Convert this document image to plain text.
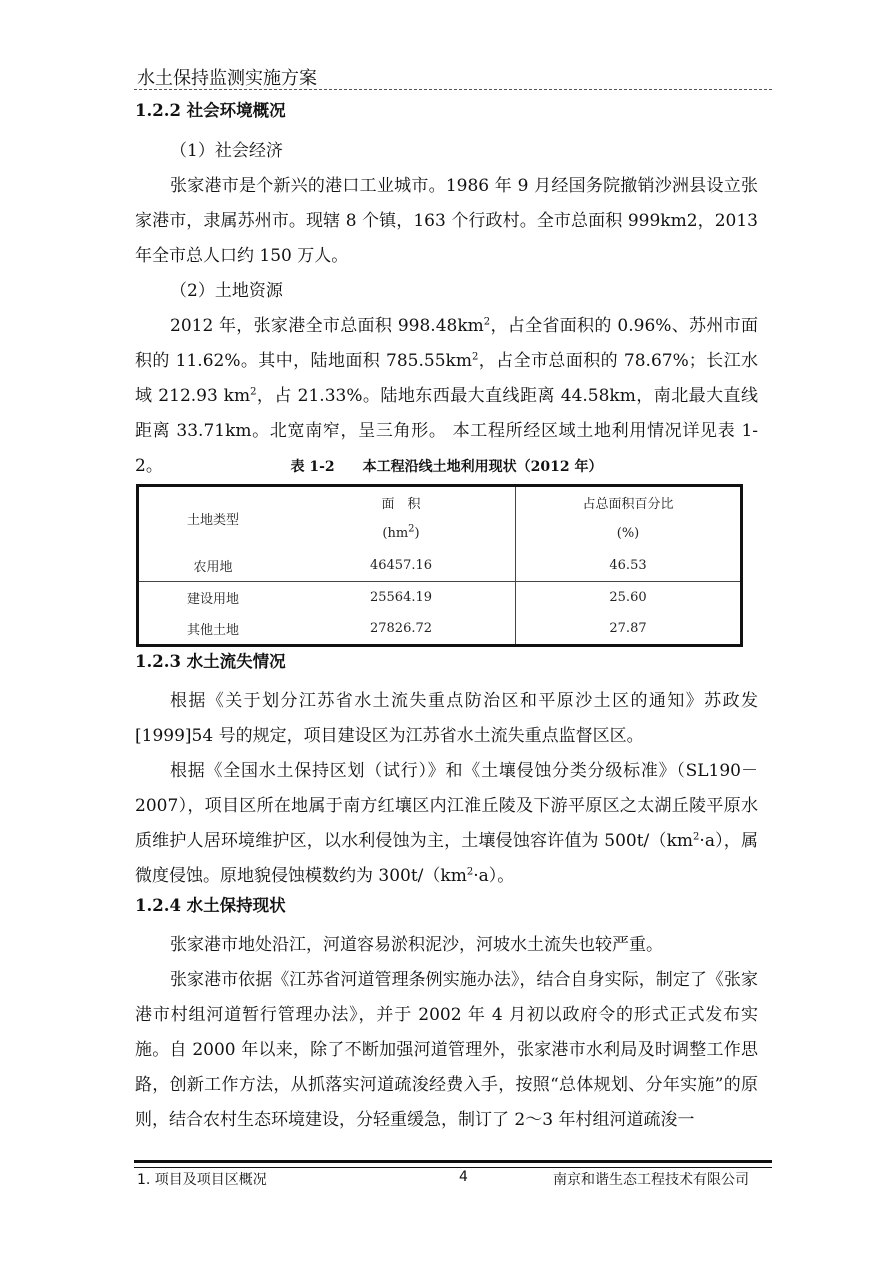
水土保持监测实施方案
1.2.2 社会环境概况
（1）社会经济
张家港市是个新兴的港口工业城市。1986 年 9 月经国务院撤销沙洲县设立张家港市，隶属苏州市。现辖 8 个镇，163 个行政村。全市总面积 999km2，2013 年全市总人口约 150 万人。
（2）土地资源
2012 年，张家港全市总面积 $998.48km^2$，占全省面积的 0.96%、苏州市面积的 11.62%。其中，陆地面积 $785.55km^2$，占全市总面积的 78.67%；长江水域 212.93 $km^2$，占 21.33%。陆地东西最大直线距离 44.58km，南北最大直线距离 33.71km。北宽南窄，呈三角形。 本工程所经区域土地利用情况详见表 1-2。	表 1-2　　本工程沿线土地利用现状（2012 年）
土地类型	面　积	占总面积百分比
	$(hm^2)$	(%)
农用地	46457.16	46.53
建设用地	25564.19	25.60
其他土地	27826.72	27.87
1.2.3 水土流失情况
根据《关于划分江苏省水土流失重点防治区和平原沙土区的通知》苏政发[1999]54 号的规定，项目建设区为江苏省水土流失重点监督区区。
根据《全国水土保持区划（试行）》和《土壤侵蚀分类分级标准》（SL190－2007），项目区所在地属于南方红壤区内江淮丘陵及下游平原区之太湖丘陵平原水质维护人居环境维护区，以水利侵蚀为主，土壤侵蚀容许值为 $500t/(km^2\cdot a)$，属微度侵蚀。原地貌侵蚀模数约为 $300t/(km^2\cdot a)$。
1.2.4 水土保持现状
张家港市地处沿江，河道容易淤积泥沙，河坡水土流失也较严重。
张家港市依据《江苏省河道管理条例实施办法》，结合自身实际，制定了《张家港市村组河道暂行管理办法》，并于 2002 年 4 月初以政府令的形式正式发布实施。自 2000 年以来，除了不断加强河道管理外，张家港市水利局及时调整工作思路，创新工作方法，从抓落实河道疏浚经费入手，按照“总体规划、分年实施”的原则，结合农村生态环境建设，分轻重缓急，制订了 2～3 年村组河道疏浚一
1. 项目及项目区概况	4	南京和谐生态工程技术有限公司
